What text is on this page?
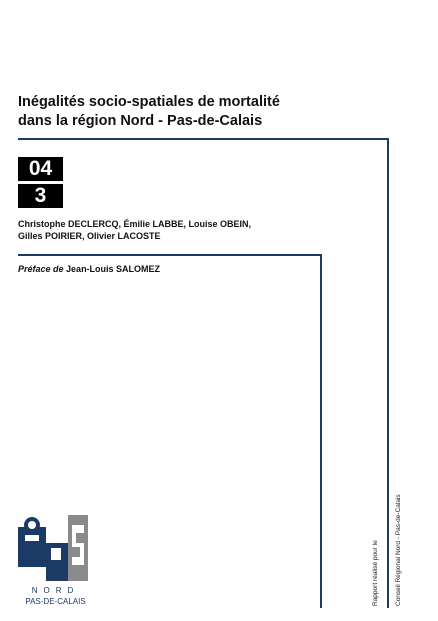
Inégalités socio-spatiales de mortalité
dans la région Nord - Pas-de-Calais
04
3
Christophe DECLERCQ, Émilie LABBE, Louise OBEIN,
Gilles POIRIER, Olivier LACOSTE
Préface de Jean-Louis SALOMEZ
Rapport réalisé pour le Conseil Régional Nord - Pas-de-Calais
NORD
PAS-DE-CALAIS
